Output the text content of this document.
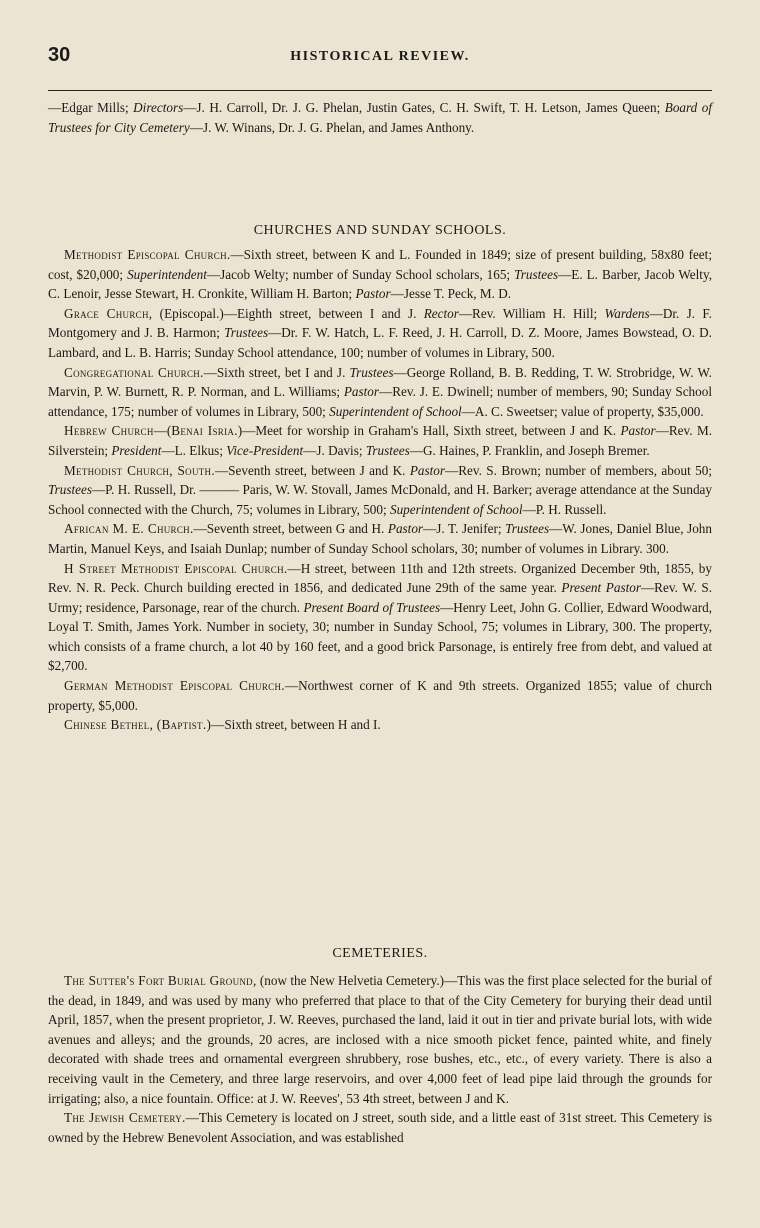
30	HISTORICAL REVIEW.

—Edgar Mills; Directors—J. H. Carroll, Dr. J. G. Phelan, Justin Gates, C. H. Swift, T. H. Letson, James Queen; Board of Trustees for City Cemetery—J. W. Winans, Dr. J. G. Phelan, and James Anthony.

CHURCHES AND SUNDAY SCHOOLS.

Methodist Episcopal Church.—Sixth street, between K and L. Founded in 1849; size of present building, 58x80 feet; cost, $20,000; Superintendent—Jacob Welty; number of Sunday School scholars, 165; Trustees—E. L. Barber, Jacob Welty, C. Lenoir, Jesse Stewart, H. Cronkite, William H. Barton; Pastor—Jesse T. Peck, M. D.

Grace Church, (Episcopal.)—Eighth street, between I and J. Rector—Rev. William H. Hill; Wardens—Dr. J. F. Montgomery and J. B. Harmon; Trustees—Dr. F. W. Hatch, L. F. Reed, J. H. Carroll, D. Z. Moore, James Bowstead, O. D. Lambard, and L. B. Harris; Sunday School attendance, 100; number of volumes in Library, 500.

Congregational Church.—Sixth street, bet I and J. Trustees—George Rolland, B. B. Redding, T. W. Strobridge, W. W. Marvin, P. W. Burnett, R. P. Norman, and L. Williams; Pastor—Rev. J. E. Dwinell; number of members, 90; Sunday School attendance, 175; number of volumes in Library, 500; Superintendent of School—A. C. Sweetser; value of property, $35,000.

Hebrew Church—(Benai Isria.)—Meet for worship in Graham's Hall, Sixth street, between J and K. Pastor—Rev. M. Silverstein; President—L. Elkus; Vice-President—J. Davis; Trustees—G. Haines, P. Franklin, and Joseph Bremer.

Methodist Church, South.—Seventh street, between J and K. Pastor—Rev. S. Brown; number of members, about 50; Trustees—P. H. Russell, Dr. ——— Paris, W. W. Stovall, James McDonald, and H. Barker; average attendance at the Sunday School connected with the Church, 75; volumes in Library, 500; Superintendent of School—P. H. Russell.

African M. E. Church.—Seventh street, between G and H. Pastor—J. T. Jenifer; Trustees—W. Jones, Daniel Blue, John Martin, Manuel Keys, and Isaiah Dunlap; number of Sunday School scholars, 30; number of volumes in Library. 300.

H Street Methodist Episcopal Church.—H street, between 11th and 12th streets. Organized December 9th, 1855, by Rev. N. R. Peck. Church building erected in 1856, and dedicated June 29th of the same year. Present Pastor—Rev. W. S. Urmy; residence, Parsonage, rear of the church. Present Board of Trustees—Henry Leet, John G. Collier, Edward Woodward, Loyal T. Smith, James York. Number in society, 30; number in Sunday School, 75; volumes in Library, 300. The property, which consists of a frame church, a lot 40 by 160 feet, and a good brick Parsonage, is entirely free from debt, and valued at $2,700.

German Methodist Episcopal Church.—Northwest corner of K and 9th streets. Organized 1855; value of church property, $5,000.

Chinese Bethel, (Baptist.)—Sixth street, between H and I.

CEMETERIES.

The Sutter's Fort Burial Ground, (now the New Helvetia Cemetery.)—This was the first place selected for the burial of the dead, in 1849, and was used by many who preferred that place to that of the City Cemetery for burying their dead until April, 1857, when the present proprietor, J. W. Reeves, purchased the land, laid it out in tier and private burial lots, with wide avenues and alleys; and the grounds, 20 acres, are inclosed with a nice smooth picket fence, painted white, and finely decorated with shade trees and ornamental evergreen shrubbery, rose bushes, etc., etc., of every variety. There is also a receiving vault in the Cemetery, and three large reservoirs, and over 4,000 feet of lead pipe laid through the grounds for irrigating; also, a nice fountain. Office: at J. W. Reeves', 53 4th street, between J and K.

The Jewish Cemetery.—This Cemetery is located on J street, south side, and a little east of 31st street. This Cemetery is owned by the Hebrew Benevolent Association, and was established
